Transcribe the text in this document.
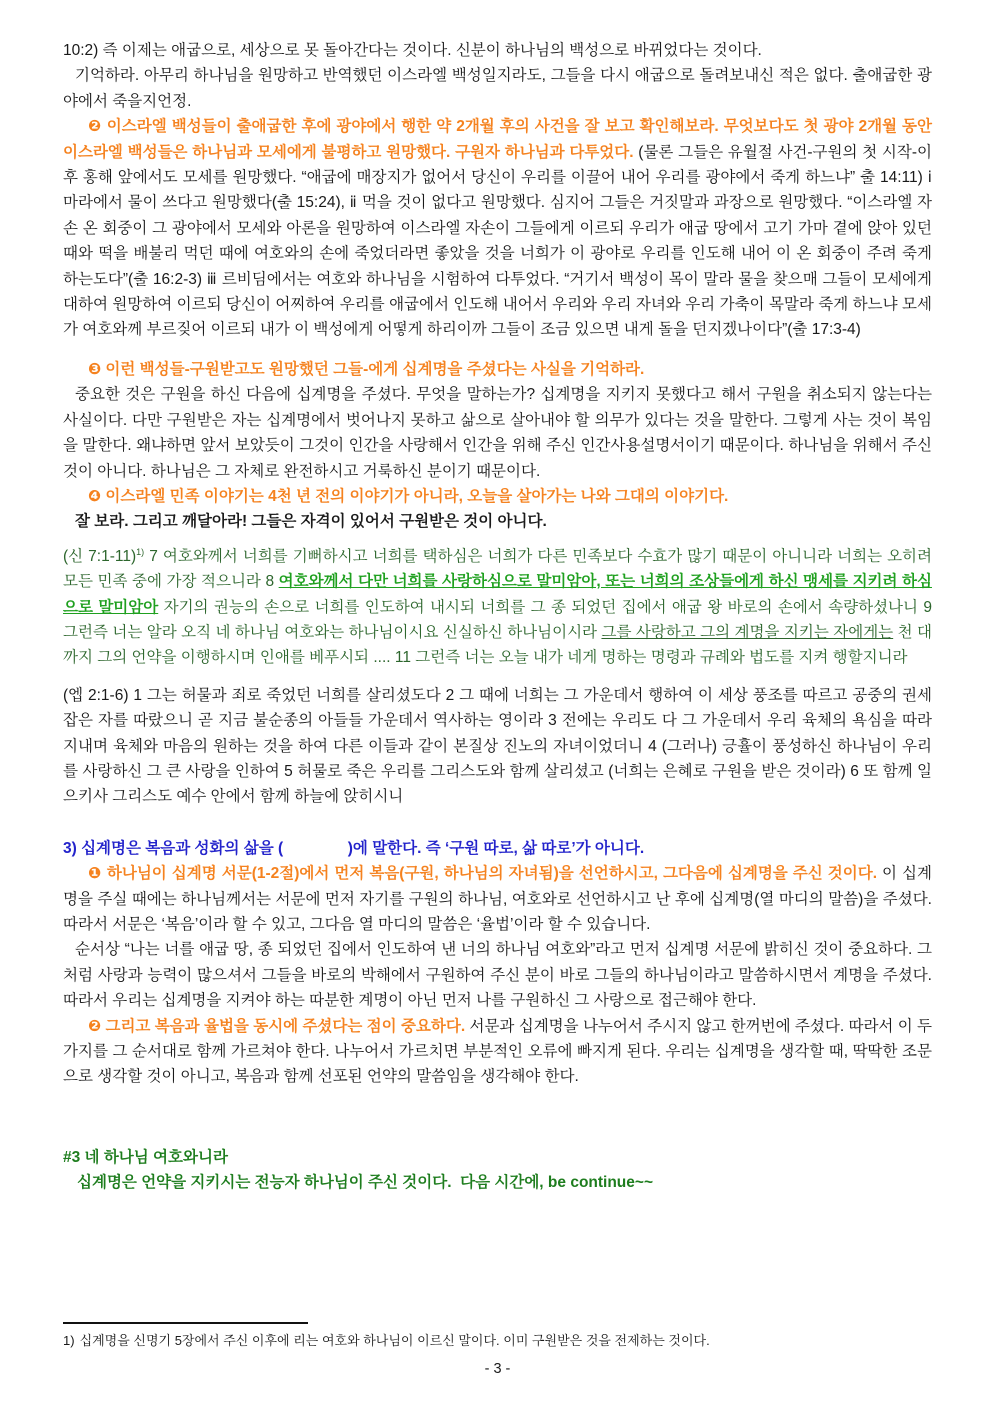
10:2) 즉 이제는 애굽으로, 세상으로 못 돌아간다는 것이다. 신분이 하나님의 백성으로 바뀌었다는 것이다.

기억하라. 아무리 하나님을 원망하고 반역했던 이스라엘 백성일지라도, 그들을 다시 애굽으로 돌려보내신 적은 없다. 출애굽한 광야에서 죽을지언정.

❷ 이스라엘 백성들이 출애굽한 후에 광야에서 행한 약 2개월 후의 사건을 잘 보고 확인해보라. 무엇보다도 첫 광야 2개월 동안 이스라엘 백성들은 하나님과 모세에게 불평하고 원망했다. 구원자 하나님과 다투었다. (물론 그들은 유월절 사건-구원의 첫 시작-이후 홍해 앞에서도 모세를 원망했다. “애굽에 매장지가 없어서 당신이 우리를 이끌어 내어 우리를 광야에서 죽게 하느냐” 출 14:11) ⅰ 마라에서 물이 쓰다고 원망했다(출 15:24), ⅱ 먹을 것이 없다고 원망했다. 심지어 그들은 거짓말과 과장으로 원망했다. “이스라엘 자손 온 회중이 그 광야에서 모세와 아론을 원망하여 이스라엘 자손이 그들에게 이르되 우리가 애굽 땅에서 고기 가마 곁에 앉아 있던 때와 떡을 배불리 먹던 때에 여호와의 손에 죽었더라면 좋았을 것을 너희가 이 광야로 우리를 인도해 내어 이 온 회중이 주려 죽게 하는도다”(출 16:2-3) ⅲ 르비딤에서는 여호와 하나님을 시험하여 다투었다. “거기서 백성이 목이 말라 물을 찾으매 그들이 모세에게 대하여 원망하여 이르되 당신이 어찌하여 우리를 애굽에서 인도해 내어서 우리와 우리 자녀와 우리 가축이 목말라 죽게 하느냐 모세가 여호와께 부르짖어 이르되 내가 이 백성에게 어떻게 하리이까 그들이 조금 있으면 내게 돌을 던지겠나이다”(출 17:3-4)

❸ 이런 백성들-구원받고도 원망했던 그들-에게 십계명을 주셨다는 사실을 기억하라.

중요한 것은 구원을 하신 다음에 십계명을 주셨다. 무엇을 말하는가? 십계명을 지키지 못했다고 해서 구원을 취소되지 않는다는 사실이다. 다만 구원받은 자는 십계명에서 벗어나지 못하고 삶으로 살아내야 할 의무가 있다는 것을 말한다. 그렇게 사는 것이 복임을 말한다. 왜냐하면 앞서 보았듯이 그것이 인간을 사랑해서 인간을 위해 주신 인간사용설명서이기 때문이다. 하나님을 위해서 주신 것이 아니다. 하나님은 그 자체로 완전하시고 거룩하신 분이기 때문이다.

❹ 이스라엘 민족 이야기는 4천 년 전의 이야기가 아니라, 오늘을 살아가는 나와 그대의 이야기다.

잘 보라. 그리고 깨달아라! 그들은 자격이 있어서 구원받은 것이 아니다.

(신 7:1-11)$^{1)}$ 7 여호와께서 너희를 기뻐하시고 너희를 택하심은 너희가 다른 민족보다 수효가 많기 때문이 아니니라 너희는 오히려 모든 민족 중에 가장 적으니라 8 여호와께서 다만 너희를 사랑하심으로 말미암아, 또는 너희의 조상들에게 하신 맹세를 지키려 하심으로 말미암아 자기의 권능의 손으로 너희를 인도하여 내시되 너희를 그 종 되었던 집에서 애굽 왕 바로의 손에서 속량하셨나니 9 그런즉 너는 알라 오직 네 하나님 여호와는 하나님이시요 신실하신 하나님이시라 그를 사랑하고 그의 계명을 지키는 자에게는 천 대까지 그의 언약을 이행하시며 인애를 베푸시되 .... 11 그런즉 너는 오늘 내가 네게 명하는 명령과 규례와 법도를 지켜 행할지니라

(엡 2:1-6) 1 그는 허물과 죄로 죽었던 너희를 살리셨도다 2 그 때에 너희는 그 가운데서 행하여 이 세상 풍조를 따르고 공중의 권세 잡은 자를 따랐으니 곧 지금 불순종의 아들들 가운데서 역사하는 영이라 3 전에는 우리도 다 그 가운데서 우리 육체의 욕심을 따라 지내며 육체와 마음의 원하는 것을 하여 다른 이들과 같이 본질상 진노의 자녀이었더니 4 (그러나) 긍휼이 풍성하신 하나님이 우리를 사랑하신 그 큰 사랑을 인하여 5 허물로 죽은 우리를 그리스도와 함께 살리셨고 (너희는 은혜로 구원을 받은 것이라) 6 또 함께 일으키사 그리스도 예수 안에서 함께 하늘에 앉히시니

3) 십계명은 복음과 성화의 삶을 (               )에 말한다. 즉 ‘구원 따로, 삶 따로’가 아니다.

❶ 하나님이 십계명 서문(1-2절)에서 먼저 복음(구원, 하나님의 자녀됨)을 선언하시고, 그다음에 십계명을 주신 것이다. 이 십계명을 주실 때에는 하나님께서는 서문에 먼저 자기를 구원의 하나님, 여호와로 선언하시고 난 후에 십계명(열 마디의 말씀)을 주셨다. 따라서 서문은 ‘복음’이라 할 수 있고, 그다음 열 마디의 말씀은 ‘율법’이라 할 수 있습니다.

순서상 “나는 너를 애굽 땅, 종 되었던 집에서 인도하여 낸 너의 하나님 여호와”라고 먼저 십계명 서문에 밝히신 것이 중요하다. 그처럼 사랑과 능력이 많으셔서 그들을 바로의 박해에서 구원하여 주신 분이 바로 그들의 하나님이라고 말씀하시면서 계명을 주셨다. 따라서 우리는 십계명을 지켜야 하는 따분한 계명이 아닌 먼저 나를 구원하신 그 사랑으로 접근해야 한다.

❷ 그리고 복음과 율법을 동시에 주셨다는 점이 중요하다. 서문과 십계명을 나누어서 주시지 않고 한꺼번에 주셨다. 따라서 이 두 가지를 그 순서대로 함께 가르쳐야 한다. 나누어서 가르치면 부분적인 오류에 빠지게 된다. 우리는 십계명을 생각할 때, 딱딱한 조문으로 생각할 것이 아니고, 복음과 함께 선포된 언약의 말씀임을 생각해야 한다.

#3 네 하나님 여호와니라

십계명은 언약을 지키시는 전능자 하나님이 주신 것이다.  다음 시간에, be continue~~

1) 십계명을 신명기 5장에서 주신 이후에 리는 여호와 하나님이 이르신 말이다. 이미 구원받은 것을 전제하는 것이다.

- 3 -
